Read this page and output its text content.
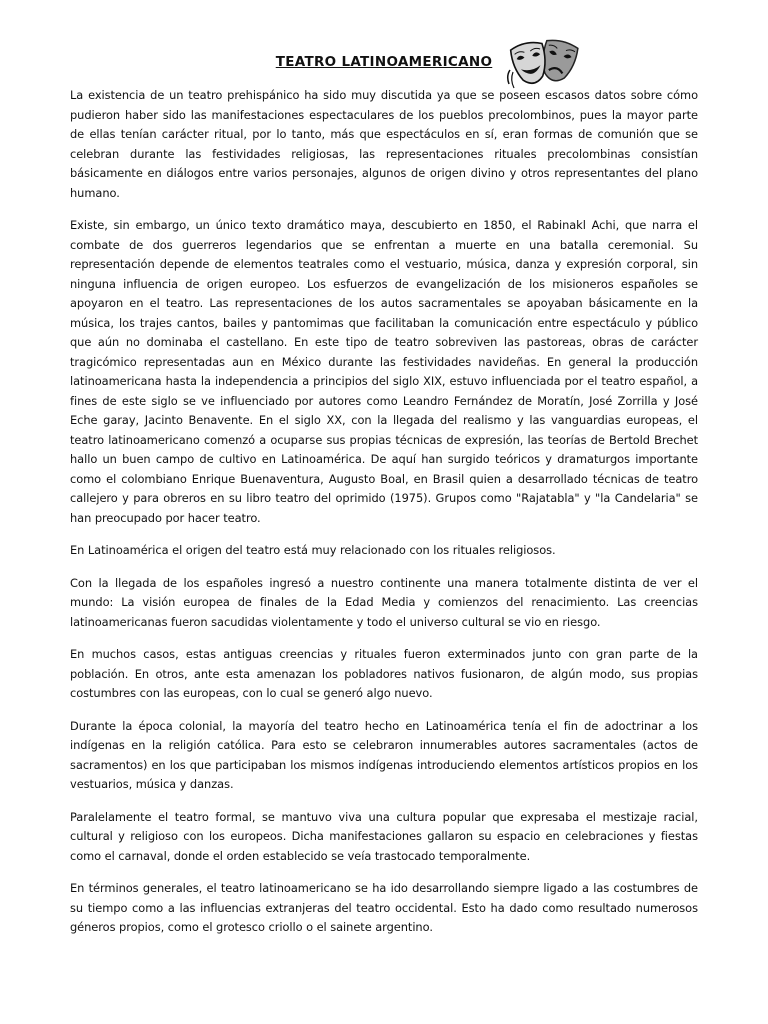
TEATRO LATINOAMERICANO

La existencia de un teatro prehispánico ha sido muy discutida ya que se poseen escasos datos sobre cómo pudieron haber sido las manifestaciones espectaculares de los pueblos precolombinos, pues la mayor parte de ellas tenían carácter ritual, por lo tanto, más que espectáculos en sí, eran formas de comunión que se celebran durante las festividades religiosas, las representaciones rituales precolombinas consistían básicamente en diálogos entre varios personajes, algunos de origen divino y otros representantes del plano humano.

Existe, sin embargo, un único texto dramático maya, descubierto en 1850, el Rabinakl Achi, que narra el combate de dos guerreros legendarios que se enfrentan a muerte en una batalla ceremonial. Su representación depende de elementos teatrales como el vestuario, música, danza y expresión corporal, sin ninguna influencia de origen europeo. Los esfuerzos de evangelización de los misioneros españoles se apoyaron en el teatro. Las representaciones de los autos sacramentales se apoyaban básicamente en la música, los trajes cantos, bailes y pantomimas que facilitaban la comunicación entre espectáculo y público que aún no dominaba el castellano. En este tipo de teatro sobreviven las pastoreas, obras de carácter tragicómico representadas aun en México durante las festividades navideñas. En general la producción latinoamericana hasta la independencia a principios del siglo XIX, estuvo influenciada por el teatro español, a fines de este siglo se ve influenciado por autores como Leandro Fernández de Moratín, José Zorrilla y José Eche garay, Jacinto Benavente. En el siglo XX, con la llegada del realismo y las vanguardias europeas, el teatro latinoamericano comenzó a ocuparse sus propias técnicas de expresión, las teorías de Bertold Brechet hallo un buen campo de cultivo en Latinoamérica. De aquí han surgido teóricos y dramaturgos importante como el colombiano Enrique Buenaventura, Augusto Boal, en Brasil quien a desarrollado técnicas de teatro callejero y para obreros en su libro teatro del oprimido (1975). Grupos como "Rajatabla" y "la Candelaria" se han preocupado por hacer teatro.

En Latinoamérica el origen del teatro está muy relacionado con los rituales religiosos.

Con la llegada de los españoles ingresó a nuestro continente una manera totalmente distinta de ver el mundo: La visión europea de finales de la Edad Media y comienzos del renacimiento. Las creencias latinoamericanas fueron sacudidas violentamente y todo el universo cultural se vio en riesgo.

En muchos casos, estas antiguas creencias y rituales fueron exterminados junto con gran parte de la población. En otros, ante esta amenazan los pobladores nativos fusionaron, de algún modo, sus propias costumbres con las europeas, con lo cual se generó algo nuevo.

Durante la época colonial, la mayoría del teatro hecho en Latinoamérica tenía el fin de adoctrinar a los indígenas en la religión católica. Para esto se celebraron innumerables autores sacramentales (actos de sacramentos) en los que participaban los mismos indígenas introduciendo elementos artísticos propios en los vestuarios, música y danzas.

Paralelamente el teatro formal, se mantuvo viva una cultura popular que expresaba el mestizaje racial, cultural y religioso con los europeos. Dicha manifestaciones gallaron su espacio en celebraciones y fiestas como el carnaval, donde el orden establecido se veía trastocado temporalmente.

En términos generales, el teatro latinoamericano se ha ido desarrollando siempre ligado a las costumbres de su tiempo como a las influencias extranjeras del teatro occidental. Esto ha dado como resultado numerosos géneros propios, como el grotesco criollo o el sainete argentino.
